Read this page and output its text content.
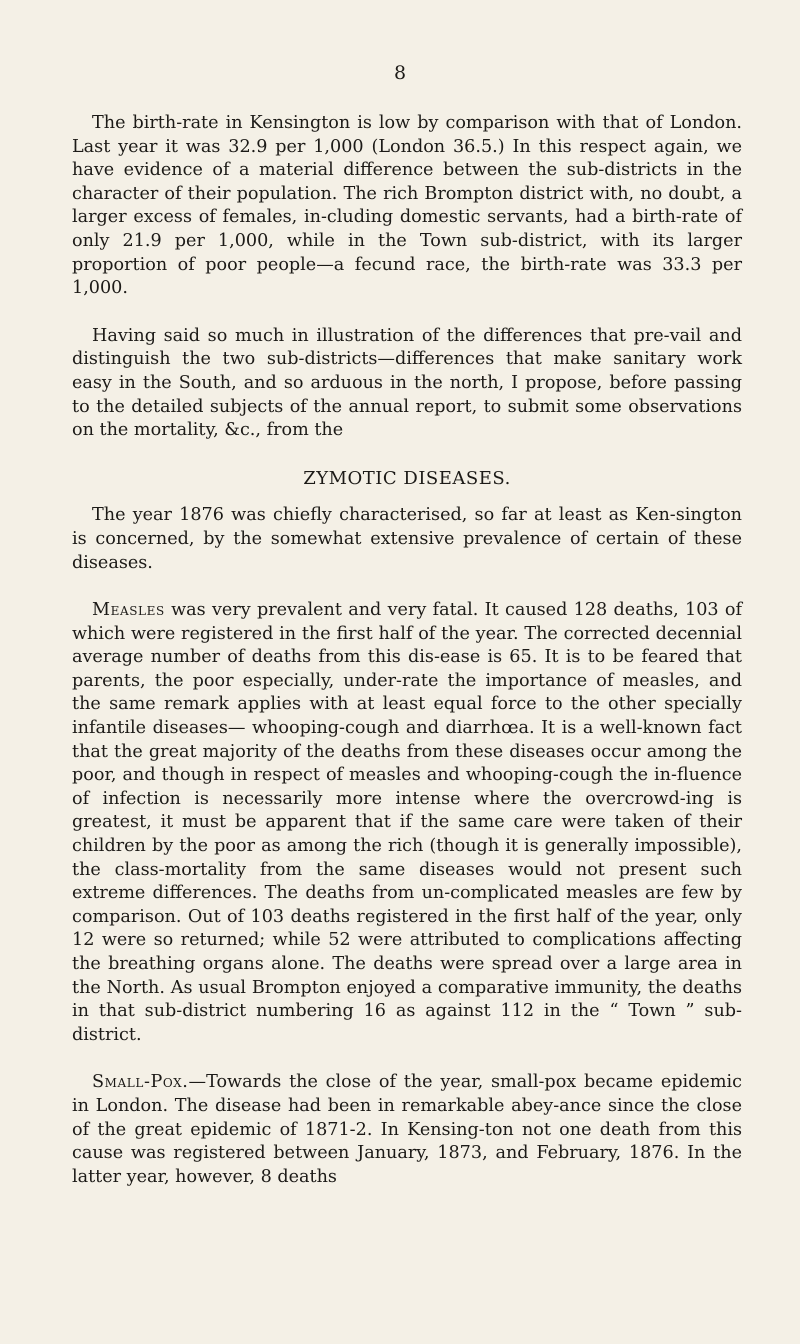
8

The birth-rate in Kensington is low by comparison with that of London. Last year it was 32.9 per 1,000 (London 36.5.) In this respect again, we have evidence of a material difference between the sub-districts in the character of their population. The rich Brompton district with, no doubt, a larger excess of females, in-cluding domestic servants, had a birth-rate of only 21.9 per 1,000, while in the Town sub-district, with its larger proportion of poor people—a fecund race, the birth-rate was 33.3 per 1,000.

Having said so much in illustration of the differences that pre-vail and distinguish the two sub-districts—differences that make sanitary work easy in the South, and so arduous in the north, I propose, before passing to the detailed subjects of the annual report, to submit some observations on the mortality, &c., from the

ZYMOTIC DISEASES.

The year 1876 was chiefly characterised, so far at least as Ken-sington is concerned, by the somewhat extensive prevalence of certain of these diseases.

Measles was very prevalent and very fatal. It caused 128 deaths, 103 of which were registered in the first half of the year. The corrected decennial average number of deaths from this dis-ease is 65. It is to be feared that parents, the poor especially, under-rate the importance of measles, and the same remark applies with at least equal force to the other specially infantile diseases— whooping-cough and diarrhœa. It is a well-known fact that the great majority of the deaths from these diseases occur among the poor, and though in respect of measles and whooping-cough the in-fluence of infection is necessarily more intense where the overcrowd-ing is greatest, it must be apparent that if the same care were taken of their children by the poor as among the rich (though it is generally impossible), the class-mortality from the same diseases would not present such extreme differences. The deaths from un-complicated measles are few by comparison. Out of 103 deaths registered in the first half of the year, only 12 were so returned; while 52 were attributed to complications affecting the breathing organs alone. The deaths were spread over a large area in the North. As usual Brompton enjoyed a comparative immunity, the deaths in that sub-district numbering 16 as against 112 in the “ Town ” sub-district.

Small-Pox.—Towards the close of the year, small-pox became epidemic in London. The disease had been in remarkable abey-ance since the close of the great epidemic of 1871-2. In Kensing-ton not one death from this cause was registered between January, 1873, and February, 1876. In the latter year, however, 8 deaths
